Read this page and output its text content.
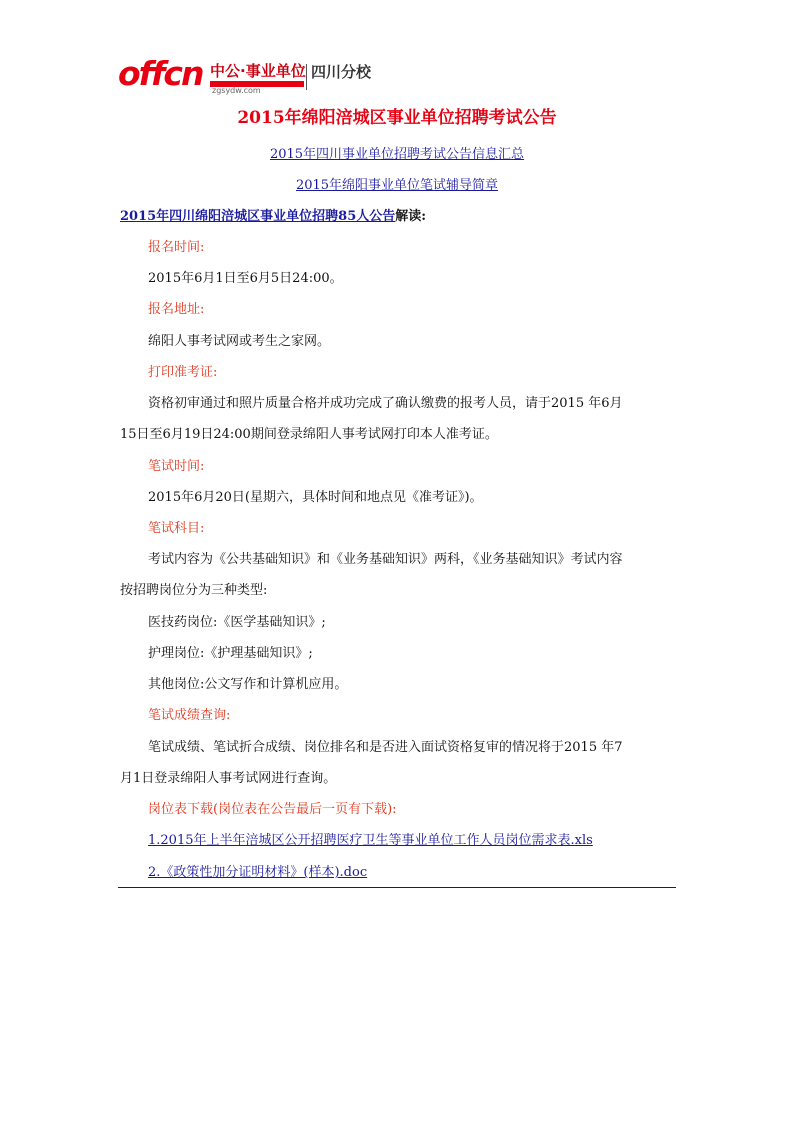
offcn 中公·事业单位
zgsydw.com
四川分校
2015年绵阳涪城区事业单位招聘考试公告
2015年四川事业单位招聘考试公告信息汇总
2015年绵阳事业单位笔试辅导简章
2015年四川绵阳涪城区事业单位招聘85人公告解读:
报名时间:
2015年6月1日至6月5日24:00。
报名地址:
绵阳人事考试网或考生之家网。
打印准考证:
资格初审通过和照片质量合格并成功完成了确认缴费的报考人员，请于2015 年6月
15日至6月19日24:00期间登录绵阳人事考试网打印本人准考证。
笔试时间:
2015年6月20日(星期六，具体时间和地点见《准考证》)。
笔试科目:
考试内容为《公共基础知识》和《业务基础知识》两科，《业务基础知识》考试内容
按招聘岗位分为三种类型:
医技药岗位:《医学基础知识》;
护理岗位:《护理基础知识》;
其他岗位:公文写作和计算机应用。
笔试成绩查询:
笔试成绩、笔试折合成绩、岗位排名和是否进入面试资格复审的情况将于2015 年7
月1日登录绵阳人事考试网进行查询。
岗位表下载(岗位表在公告最后一页有下载):
1.2015年上半年涪城区公开招聘医疗卫生等事业单位工作人员岗位需求表.xls
2.《政策性加分证明材料》(样本).doc
